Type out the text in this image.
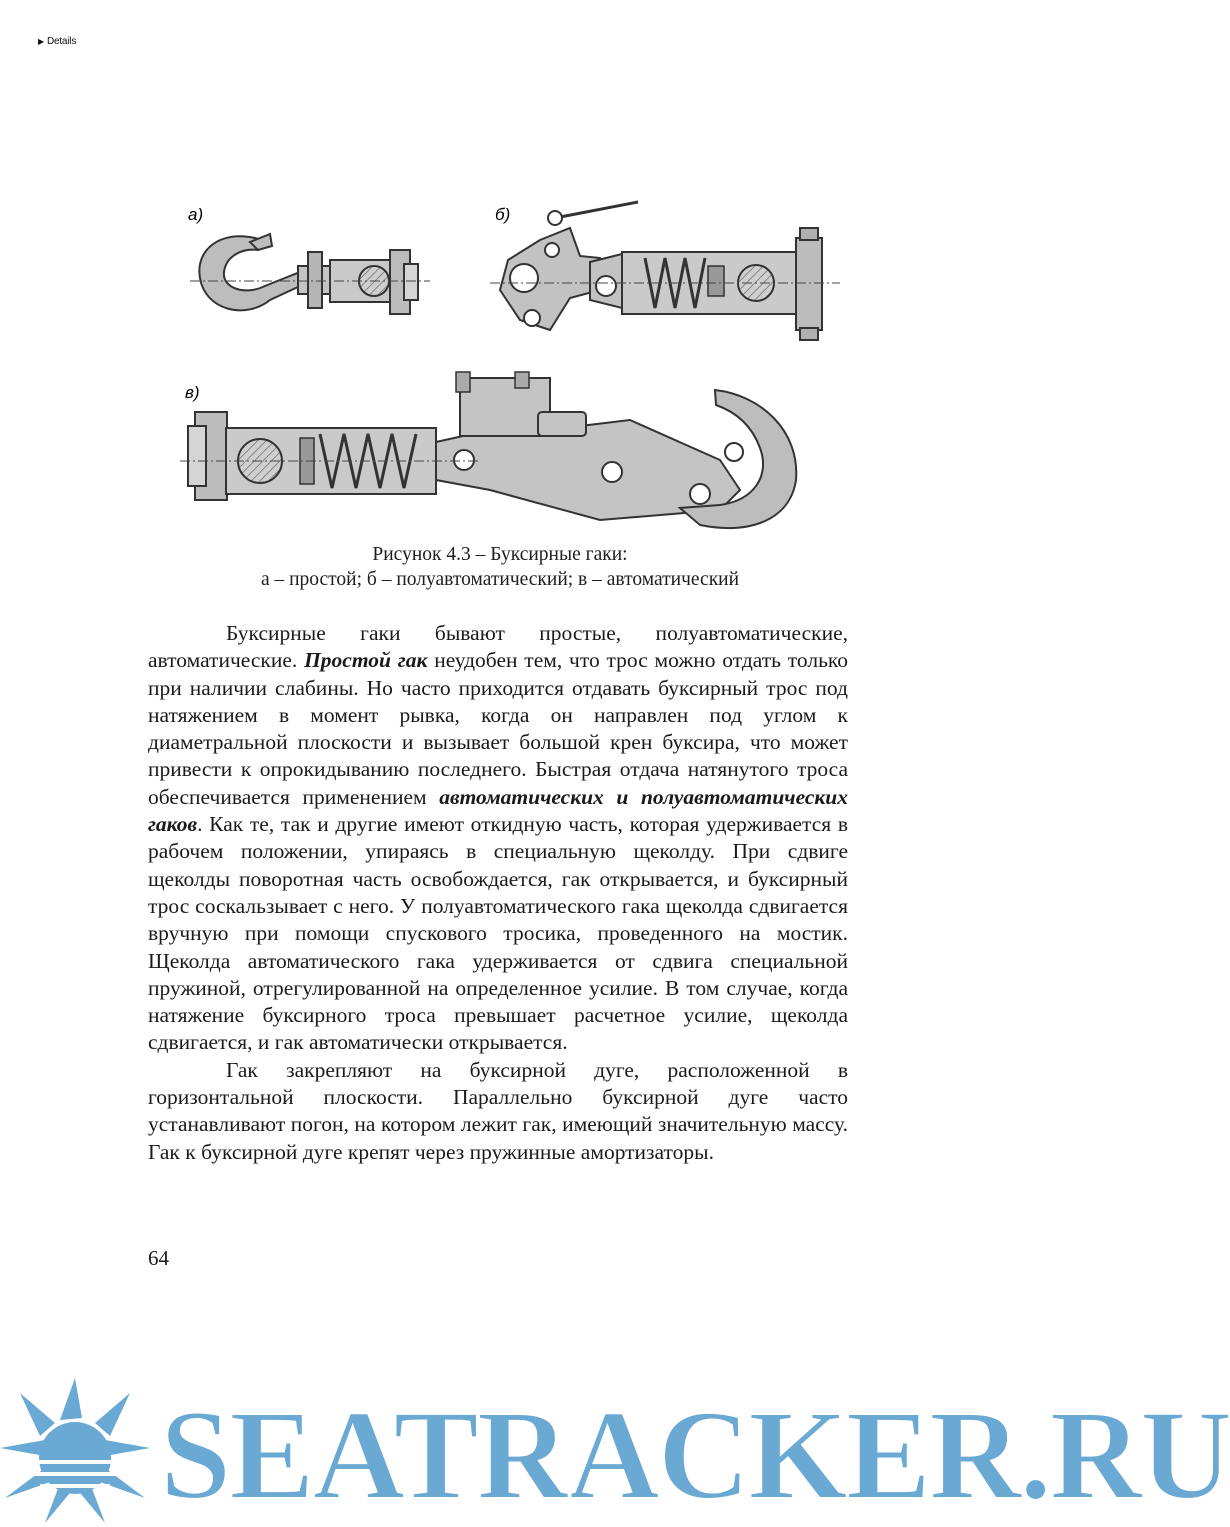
▶ Details
а)	б)
в)
Рисунок 4.3 – Буксирные гаки:
а – простой; б – полуавтоматический; в – автоматический

Буксирные гаки бывают простые, полуавтоматические, автоматические. Простой гак неудобен тем, что трос можно отдать только при наличии слабины. Но часто приходится отдавать буксирный трос под натяжением в момент рывка, когда он направлен под углом к диаметральной плоскости и вызывает большой крен буксира, что может привести к опрокидыванию последнего. Быстрая отдача натянутого троса обеспечивается применением автоматических и полуавтоматических гаков. Как те, так и другие имеют откидную часть, которая удерживается в рабочем положении, упираясь в специальную щеколду. При сдвиге щеколды поворотная часть освобождается, гак открывается, и буксирный трос соскальзывает с него. У полуавтоматического гака щеколда сдвигается вручную при помощи спускового тросика, проведенного на мостик. Щеколда автоматического гака удерживается от сдвига специальной пружиной, отрегулированной на определенное усилие. В том случае, когда натяжение буксирного троса превышает расчетное усилие, щеколда сдвигается, и гак автоматически открывается.

Гак закрепляют на буксирной дуге, расположенной в горизонтальной плоскости. Параллельно буксирной дуге часто устанавливают погон, на котором лежит гак, имеющий значительную массу. Гак к буксирной дуге крепят через пружинные амортизаторы.

64
SEATRACKER.RU
